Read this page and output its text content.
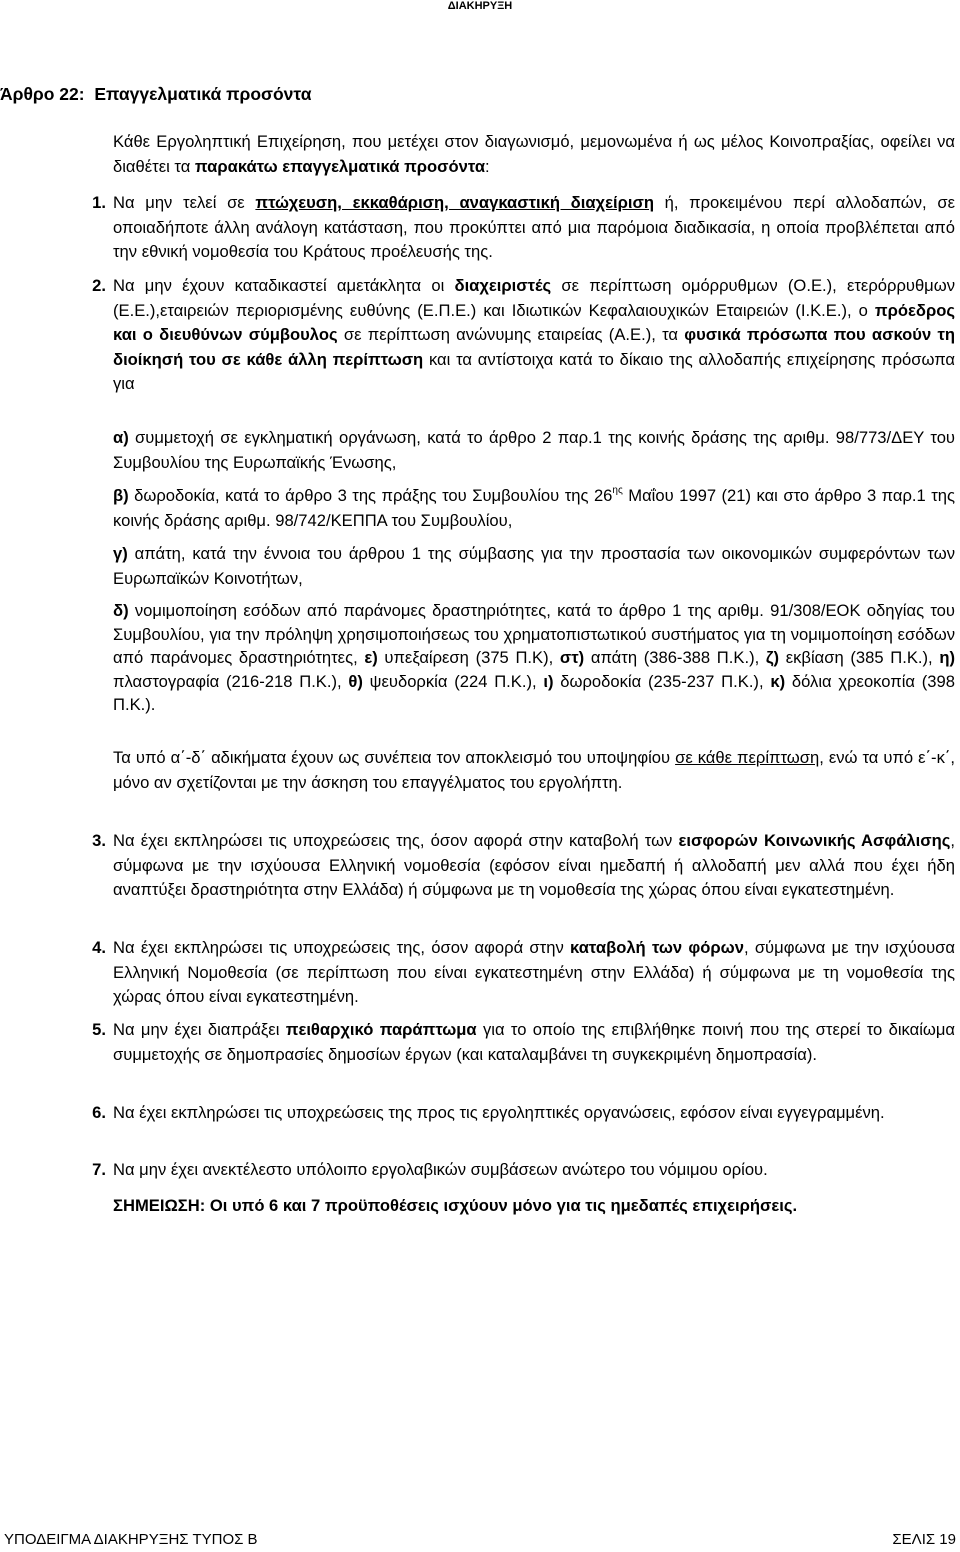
ΔΙΑΚΗΡΥΞΗ
Άρθρο 22:  Επαγγελματικά προσόντα
Κάθε Εργοληπτική Επιχείρηση, που μετέχει στον διαγωνισμό, μεμονωμένα ή ως μέλος Κοινοπραξίας, οφείλει να διαθέτει τα παρακάτω επαγγελματικά προσόντα:
1. Να μην τελεί σε πτώχευση, εκκαθάριση, αναγκαστική διαχείριση ή, προκειμένου περί αλλοδαπών, σε οποιαδήποτε άλλη ανάλογη κατάσταση, που προκύπτει από μια παρόμοια διαδικασία, η οποία προβλέπεται από την εθνική νομοθεσία του Κράτους προέλευσής της.
2. Να μην έχουν καταδικαστεί αμετάκλητα οι διαχειριστές σε περίπτωση ομόρρυθμων (Ο.Ε.), ετερόρρυθμων (Ε.Ε.),εταιρειών περιορισμένης ευθύνης (Ε.Π.Ε.) και Ιδιωτικών Κεφαλαιουχικών Εταιρειών (Ι.Κ.Ε.), ο πρόεδρος και ο διευθύνων σύμβουλος σε περίπτωση ανώνυμης εταιρείας (Α.Ε.), τα φυσικά πρόσωπα που ασκούν τη διοίκησή του σε κάθε άλλη περίπτωση και τα αντίστοιχα κατά το δίκαιο της αλλοδαπής επιχείρησης πρόσωπα για
α) συμμετοχή σε εγκληματική οργάνωση, κατά το άρθρο 2 παρ.1 της κοινής δράσης της αριθμ. 98/773/ΔΕΥ του Συμβουλίου της Ευρωπαϊκής Ένωσης,
β) δωροδοκία, κατά το άρθρο 3 της πράξης του Συμβουλίου της $26^{\eta\varsigma}$ Μαΐου 1997 (21) και στο άρθρο 3 παρ.1 της κοινής δράσης αριθμ. 98/742/ΚΕΠΠΑ του Συμβουλίου,
γ) απάτη, κατά την έννοια του άρθρου 1 της σύμβασης για την προστασία των οικονομικών συμφερόντων των Ευρωπαϊκών Κοινοτήτων,
δ) νομιμοποίηση εσόδων από παράνομες δραστηριότητες, κατά το άρθρο 1 της αριθμ. 91/308/ΕΟΚ οδηγίας του Συμβουλίου, για την πρόληψη χρησιμοποιήσεως του χρηματοπιστωτικού συστήματος για τη νομιμοποίηση εσόδων από παράνομες δραστηριότητες, ε) υπεξαίρεση (375 Π.Κ), στ) απάτη (386-388 Π.Κ.), ζ) εκβίαση (385 Π.Κ.), η) πλαστογραφία (216-218 Π.Κ.), θ) ψευδορκία (224 Π.Κ.), ι) δωροδοκία (235-237 Π.Κ.), κ) δόλια χρεοκοπία (398 Π.Κ.).
Τα υπό α΄-δ΄ αδικήματα έχουν ως συνέπεια τον αποκλεισμό του υποψηφίου σε κάθε περίπτωση, ενώ τα υπό ε΄-κ΄, μόνο αν σχετίζονται με την άσκηση του επαγγέλματος του εργολήπτη.
3. Να έχει εκπληρώσει τις υποχρεώσεις της, όσον αφορά στην καταβολή των εισφορών Κοινωνικής Ασφάλισης, σύμφωνα με την ισχύουσα Ελληνική νομοθεσία (εφόσον είναι ημεδαπή ή αλλοδαπή μεν αλλά που έχει ήδη αναπτύξει δραστηριότητα στην Ελλάδα) ή σύμφωνα με τη νομοθεσία της χώρας όπου είναι εγκατεστημένη.
4. Να έχει εκπληρώσει τις υποχρεώσεις της, όσον αφορά στην καταβολή των φόρων, σύμφωνα με την ισχύουσα Ελληνική Νομοθεσία (σε περίπτωση που είναι εγκατεστημένη στην Ελλάδα) ή σύμφωνα με τη νομοθεσία της χώρας όπου είναι εγκατεστημένη.
5. Να μην έχει διαπράξει πειθαρχικό παράπτωμα για το οποίο της επιβλήθηκε ποινή που της στερεί το δικαίωμα συμμετοχής σε δημοπρασίες δημοσίων έργων (και καταλαμβάνει τη συγκεκριμένη δημοπρασία).
6. Να έχει εκπληρώσει τις υποχρεώσεις της προς τις εργοληπτικές οργανώσεις, εφόσον είναι εγγεγραμμένη.
7. Να μην έχει ανεκτέλεστο υπόλοιπο εργολαβικών συμβάσεων ανώτερο του νόμιμου ορίου.
ΣΗΜΕΙΩΣΗ: Οι υπό 6 και 7 προϋποθέσεις ισχύουν μόνο για τις ημεδαπές επιχειρήσεις.
ΥΠΟΔΕΙΓΜΑ ΔΙΑΚΗΡΥΞΗΣ ΤΥΠΟΣ Β	ΣΕΛΙΣ 19
